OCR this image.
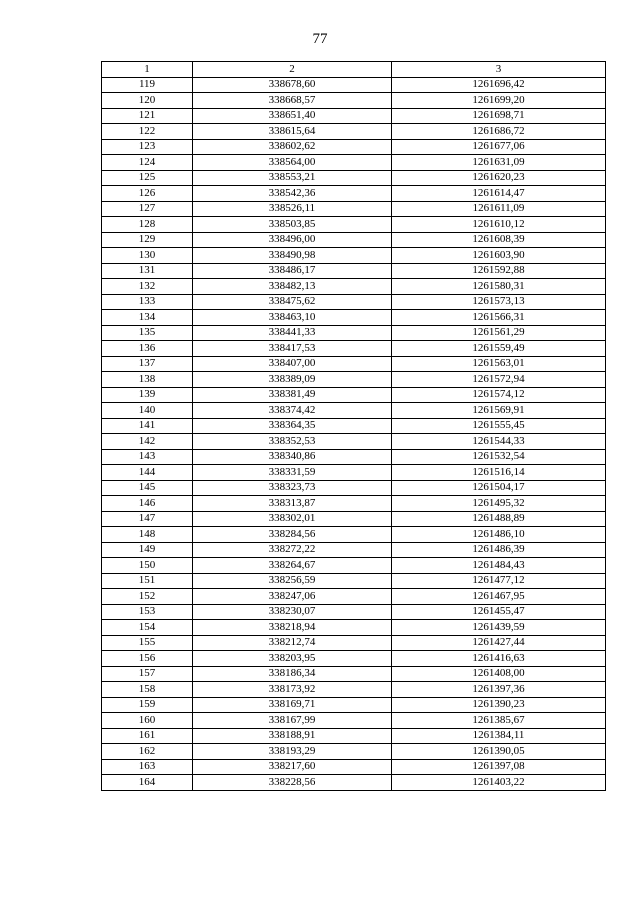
77
1	2	3
119	338678,60	1261696,42
120	338668,57	1261699,20
121	338651,40	1261698,71
122	338615,64	1261686,72
123	338602,62	1261677,06
124	338564,00	1261631,09
125	338553,21	1261620,23
126	338542,36	1261614,47
127	338526,11	1261611,09
128	338503,85	1261610,12
129	338496,00	1261608,39
130	338490,98	1261603,90
131	338486,17	1261592,88
132	338482,13	1261580,31
133	338475,62	1261573,13
134	338463,10	1261566,31
135	338441,33	1261561,29
136	338417,53	1261559,49
137	338407,00	1261563,01
138	338389,09	1261572,94
139	338381,49	1261574,12
140	338374,42	1261569,91
141	338364,35	1261555,45
142	338352,53	1261544,33
143	338340,86	1261532,54
144	338331,59	1261516,14
145	338323,73	1261504,17
146	338313,87	1261495,32
147	338302,01	1261488,89
148	338284,56	1261486,10
149	338272,22	1261486,39
150	338264,67	1261484,43
151	338256,59	1261477,12
152	338247,06	1261467,95
153	338230,07	1261455,47
154	338218,94	1261439,59
155	338212,74	1261427,44
156	338203,95	1261416,63
157	338186,34	1261408,00
158	338173,92	1261397,36
159	338169,71	1261390,23
160	338167,99	1261385,67
161	338188,91	1261384,11
162	338193,29	1261390,05
163	338217,60	1261397,08
164	338228,56	1261403,22
